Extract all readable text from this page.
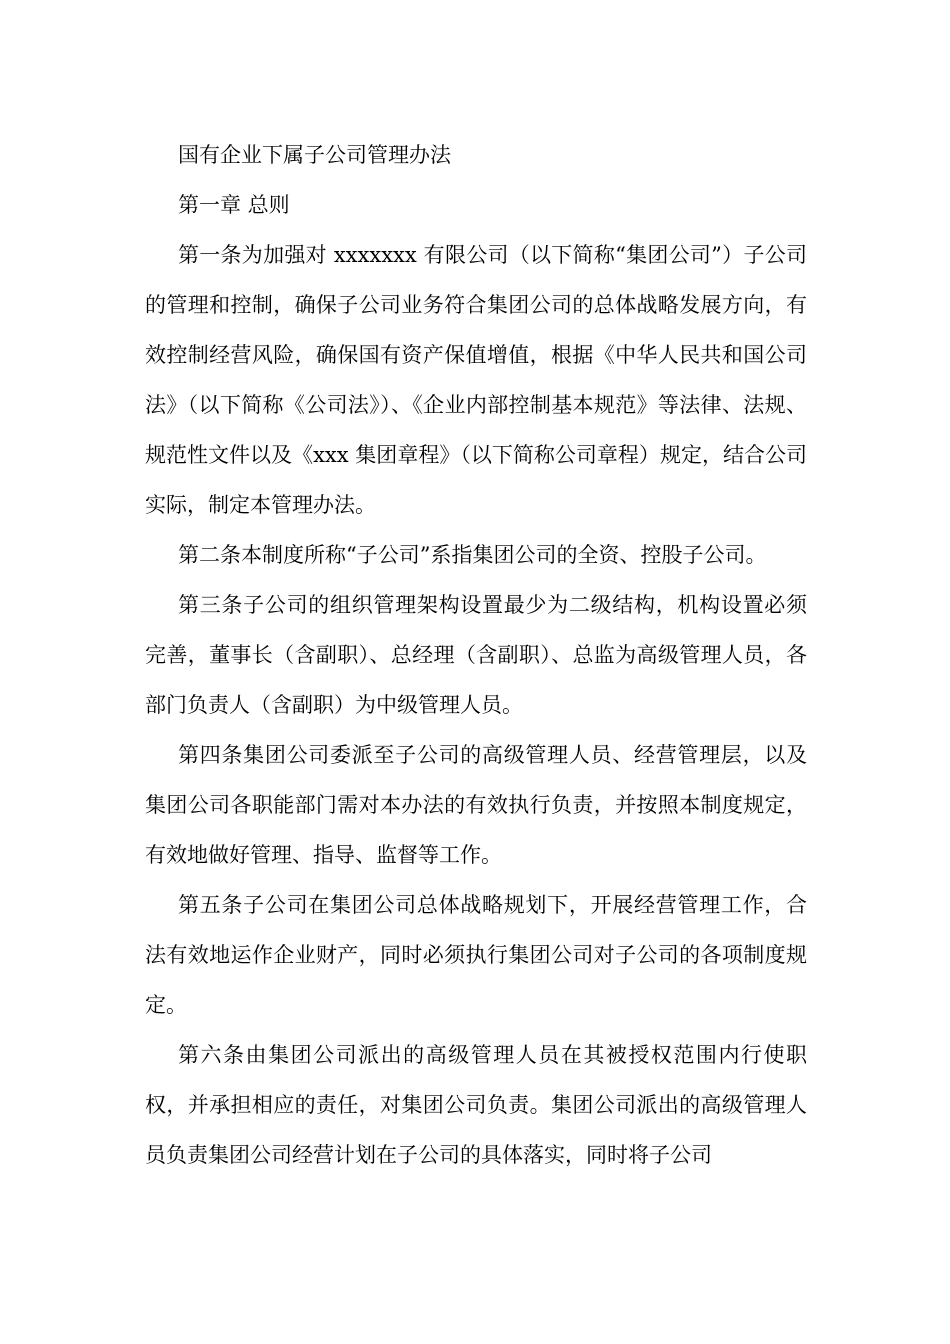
国有企业下属子公司管理办法

第一章 总则

第一条为加强对 xxxxxxx 有限公司（以下简称“集团公司”）子公司的管理和控制，确保子公司业务符合集团公司的总体战略发展方向，有效控制经营风险，确保国有资产保值增值，根据《中华人民共和国公司法》（以下简称《公司法》）、《企业内部控制基本规范》等法律、法规、规范性文件以及《xxx 集团章程》（以下简称公司章程）规定，结合公司实际，制定本管理办法。

第二条本制度所称“子公司”系指集团公司的全资、控股子公司。

第三条子公司的组织管理架构设置最少为二级结构，机构设置必须完善，董事长（含副职）、总经理（含副职）、总监为高级管理人员，各部门负责人（含副职）为中级管理人员。

第四条集团公司委派至子公司的高级管理人员、经营管理层，以及集团公司各职能部门需对本办法的有效执行负责，并按照本制度规定，有效地做好管理、指导、监督等工作。

第五条子公司在集团公司总体战略规划下，开展经营管理工作，合法有效地运作企业财产，同时必须执行集团公司对子公司的各项制度规定。

第六条由集团公司派出的高级管理人员在其被授权范围内行使职权，并承担相应的责任，对集团公司负责。集团公司派出的高级管理人员负责集团公司经营计划在子公司的具体落实，同时将子公司
